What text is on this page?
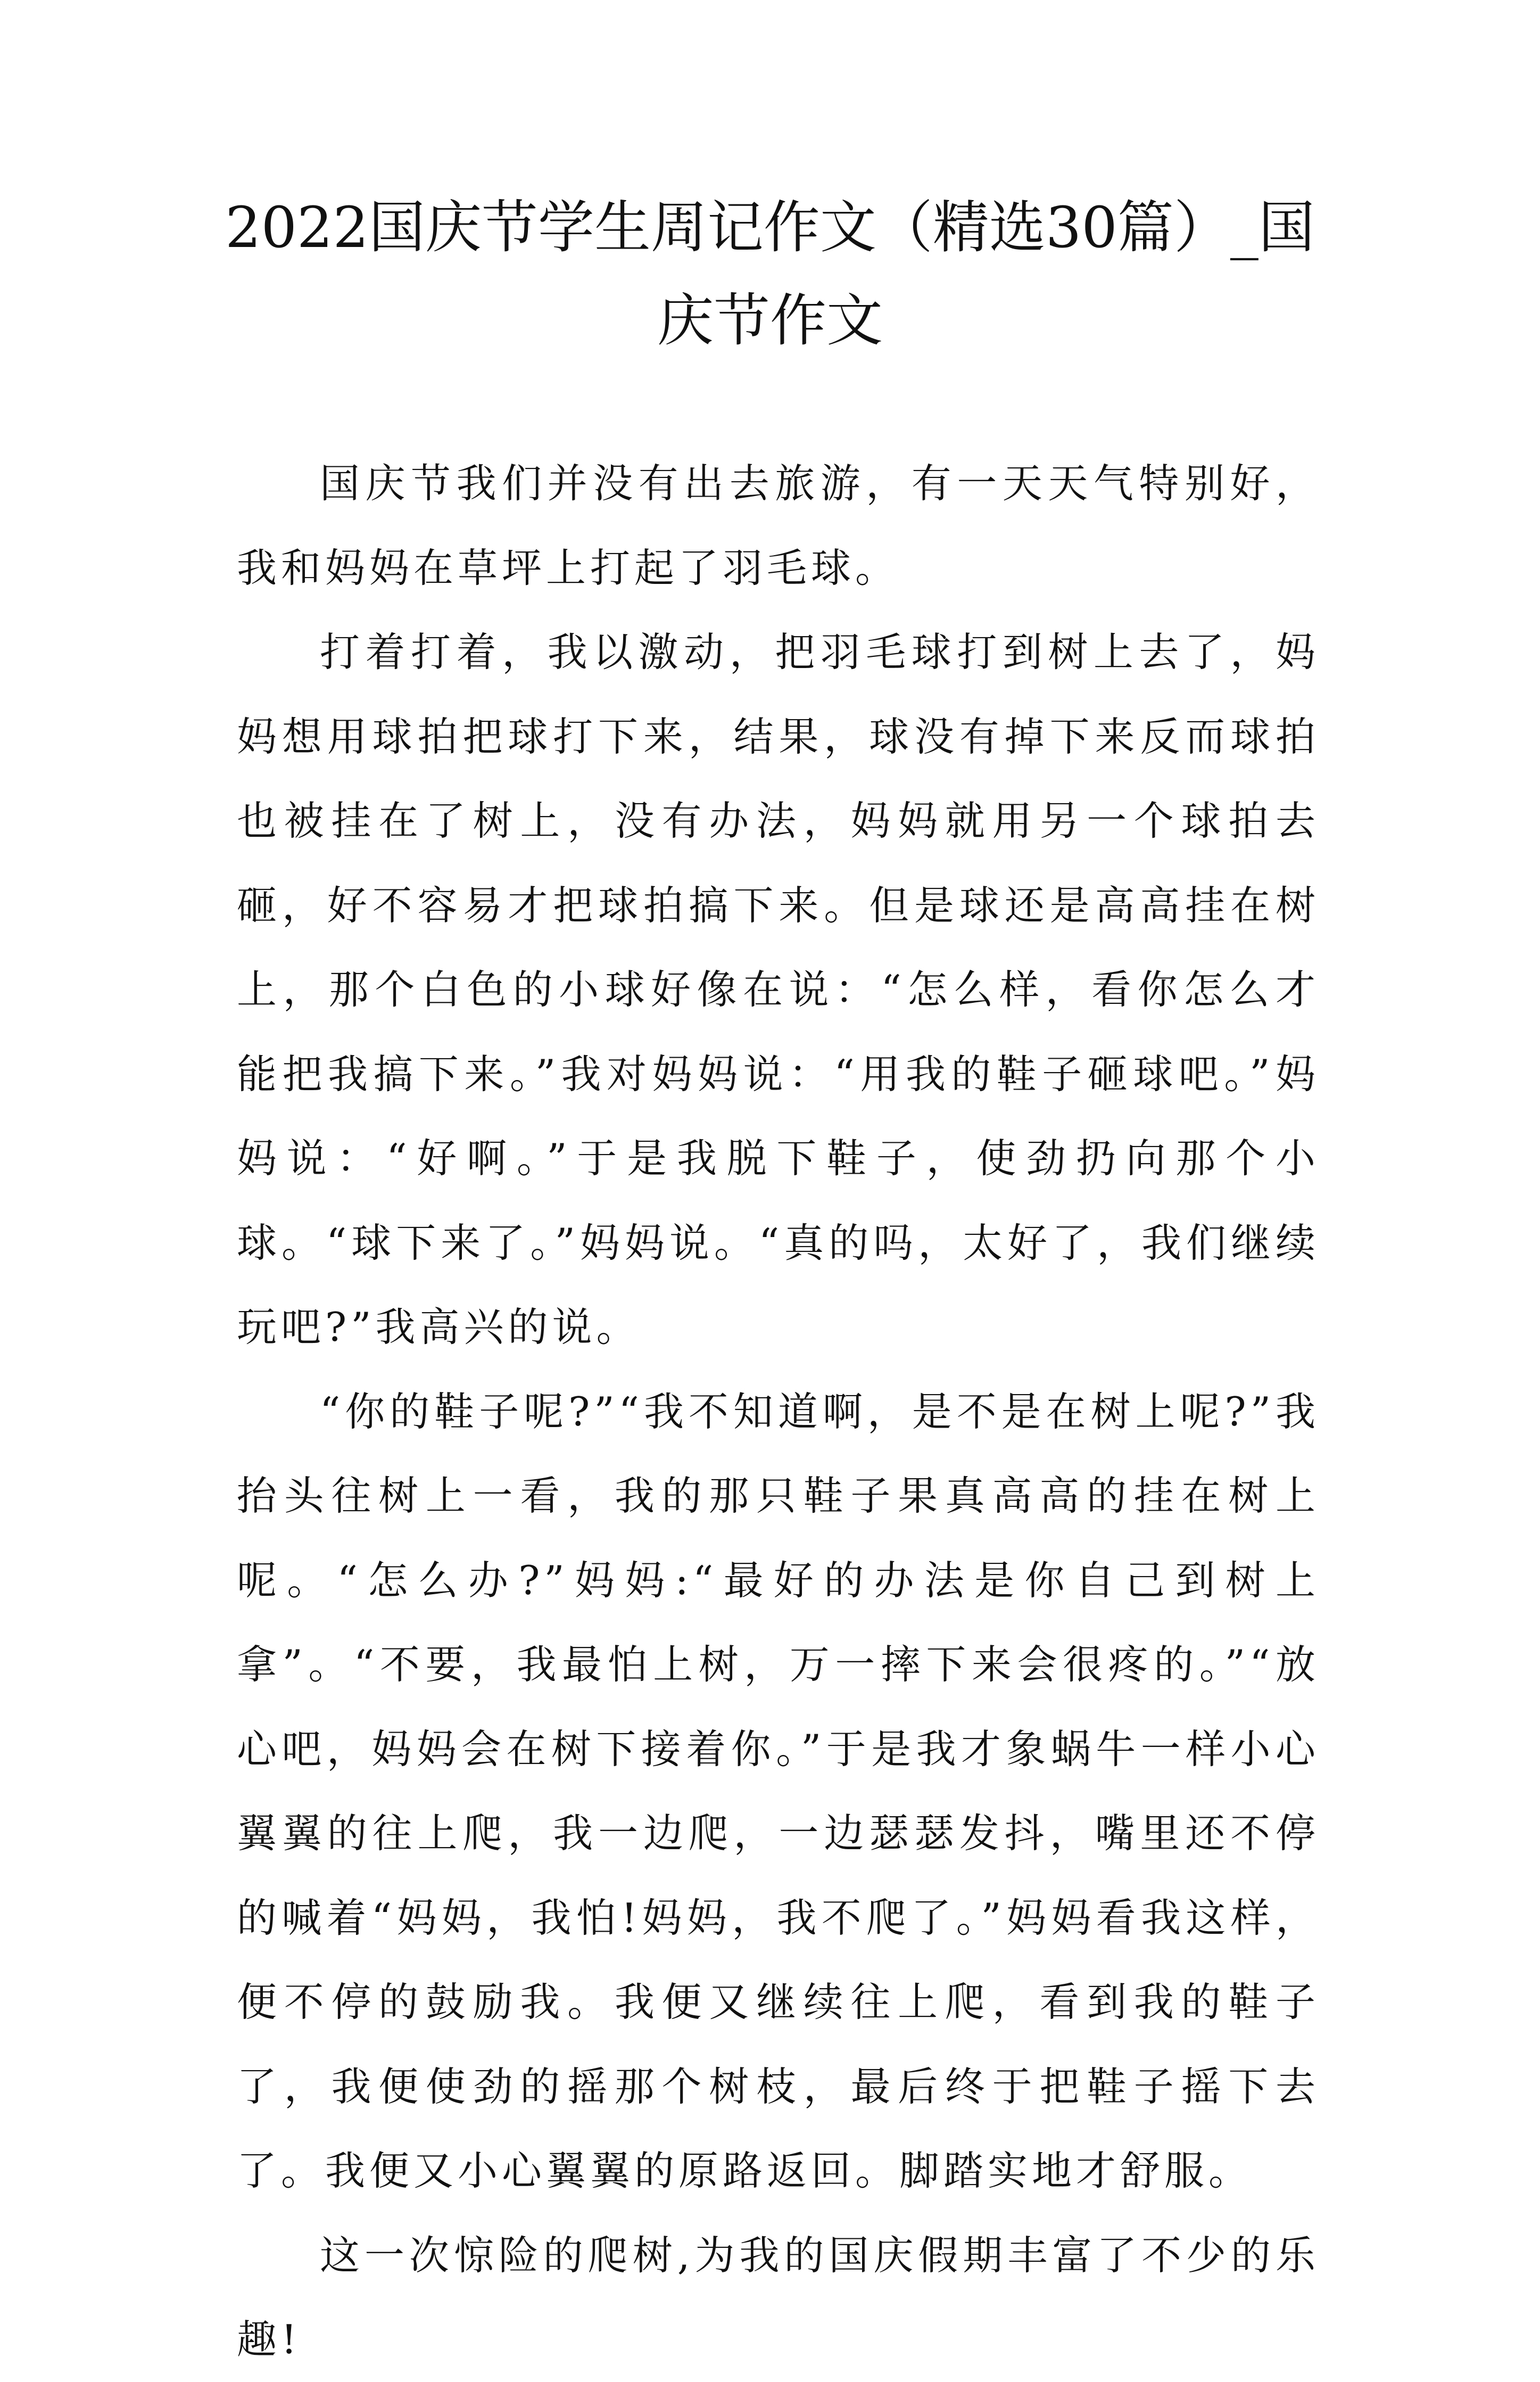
2022国庆节学生周记作文（精选30篇）_国庆节作文

国庆节我们并没有出去旅游，有一天天气特别好，我和妈妈在草坪上打起了羽毛球。

打着打着，我以激动，把羽毛球打到树上去了，妈妈想用球拍把球打下来，结果，球没有掉下来反而球拍也被挂在了树上，没有办法，妈妈就用另一个球拍去砸，好不容易才把球拍搞下来。但是球还是高高挂在树上，那个白色的小球好像在说：“怎么样，看你怎么才能把我搞下来。”我对妈妈说：“用我的鞋子砸球吧。”妈妈说：“好啊。”于是我脱下鞋子，使劲扔向那个小球。“球下来了。”妈妈说。“真的吗，太好了，我们继续玩吧?”我高兴的说。

“你的鞋子呢?”“我不知道啊，是不是在树上呢?”我抬头往树上一看，我的那只鞋子果真高高的挂在树上呢。“怎么办?”妈妈:“最好的办法是你自己到树上拿”。“不要，我最怕上树，万一摔下来会很疼的。”“放心吧，妈妈会在树下接着你。”于是我才象蜗牛一样小心翼翼的往上爬，我一边爬，一边瑟瑟发抖，嘴里还不停的喊着“妈妈，我怕!妈妈，我不爬了。”妈妈看我这样，便不停的鼓励我。我便又继续往上爬，看到我的鞋子了，我便使劲的摇那个树枝，最后终于把鞋子摇下去了。我便又小心翼翼的原路返回。脚踏实地才舒服。

这一次惊险的爬树,为我的国庆假期丰富了不少的乐趣!
